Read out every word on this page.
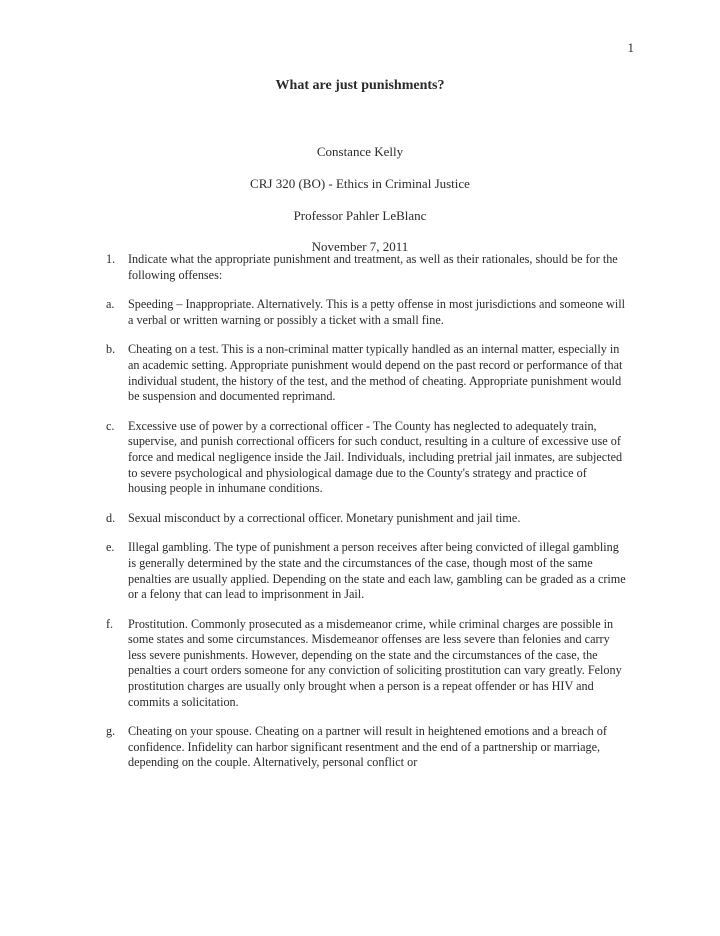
1
What are just punishments?
Constance Kelly
CRJ 320 (BO) - Ethics in Criminal Justice
Professor Pahler LeBlanc
November 7, 2011
1.	Indicate what the appropriate punishment and treatment, as well as their rationales, should be for the following offenses:
a.	Speeding – Inappropriate. Alternatively. This is a petty offense in most jurisdictions and someone will a verbal or written warning or possibly a ticket with a small fine.
b.	Cheating on a test. This is a non-criminal matter typically handled as an internal matter, especially in an academic setting. Appropriate punishment would depend on the past record or performance of that individual student, the history of the test, and the method of cheating. Appropriate punishment would be suspension and documented reprimand.
c.	Excessive use of power by a correctional officer - The County has neglected to adequately train, supervise, and punish correctional officers for such conduct, resulting in a culture of excessive use of force and medical negligence inside the Jail. Individuals, including pretrial jail inmates, are subjected to severe psychological and physiological damage due to the County's strategy and practice of housing people in inhumane conditions.
d.	Sexual misconduct by a correctional officer. Monetary punishment and jail time.
e.	Illegal gambling. The type of punishment a person receives after being convicted of illegal gambling is generally determined by the state and the circumstances of the case, though most of the same penalties are usually applied. Depending on the state and each law, gambling can be graded as a crime or a felony that can lead to imprisonment in Jail.
f.	Prostitution. Commonly prosecuted as a misdemeanor crime, while criminal charges are possible in some states and some circumstances. Misdemeanor offenses are less severe than felonies and carry less severe punishments. However, depending on the state and the circumstances of the case, the penalties a court orders someone for any conviction of soliciting prostitution can vary greatly. Felony prostitution charges are usually only brought when a person is a repeat offender or has HIV and commits a solicitation.
g.	Cheating on your spouse. Cheating on a partner will result in heightened emotions and a breach of confidence. Infidelity can harbor significant resentment and the end of a partnership or marriage, depending on the couple. Alternatively, personal conflict or
